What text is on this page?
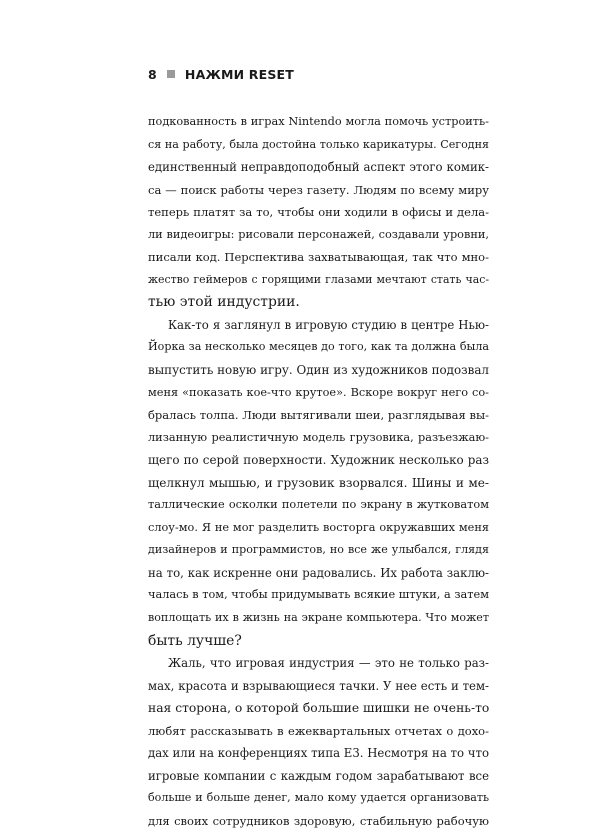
8 НАЖМИ RESET
подкованность в играх Nintendo могла помочь устроить-
ся на работу, была достойна только карикатуры. Сегодня
единственный неправдоподобный аспект этого комик-
са — поиск работы через газету. Людям по всему миру
теперь платят за то, чтобы они ходили в офисы и дела-
ли видеоигры: рисовали персонажей, создавали уровни,
писали код. Перспектива захватывающая, так что мно-
жество геймеров с горящими глазами мечтают стать час-
тью этой индустрии.
Как-то я заглянул в игровую студию в центре Нью-
Йорка за несколько месяцев до того, как та должна была
выпустить новую игру. Один из художников подозвал
меня «показать кое-что крутое». Вскоре вокруг него со-
бралась толпа. Люди вытягивали шеи, разглядывая вы-
лизанную реалистичную модель грузовика, разъезжаю-
щего по серой поверхности. Художник несколько раз
щелкнул мышью, и грузовик взорвался. Шины и ме-
таллические осколки полетели по экрану в жутковатом
слоу-мо. Я не мог разделить восторга окружавших меня
дизайнеров и программистов, но все же улыбался, глядя
на то, как искренне они радовались. Их работа заклю-
чалась в том, чтобы придумывать всякие штуки, а затем
воплощать их в жизнь на экране компьютера. Что может
быть лучше?
Жаль, что игровая индустрия — это не только раз-
мах, красота и взрывающиеся тачки. У нее есть и тем-
ная сторона, о которой большие шишки не очень-то
любят рассказывать в ежеквартальных отчетах о дохо-
дах или на конференциях типа E3. Несмотря на то что
игровые компании с каждым годом зарабатывают все
больше и больше денег, мало кому удается организовать
для своих сотрудников здоровую, стабильную рабочую
